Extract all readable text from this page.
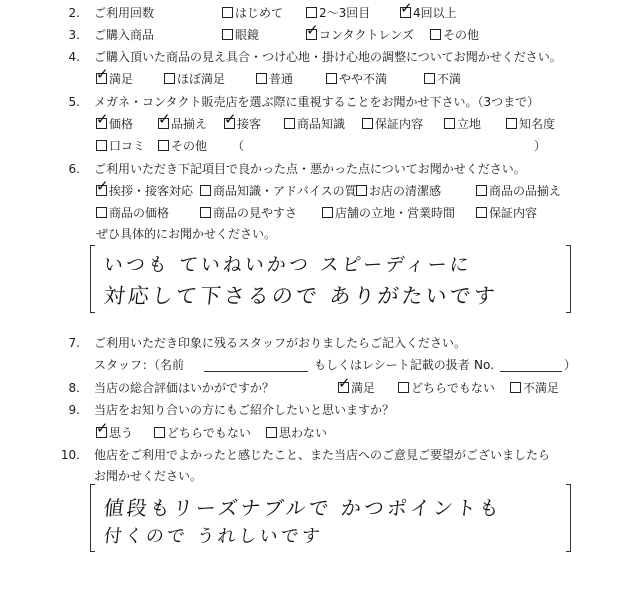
2. ご利用回数	はじめて	2～3回目 ✓	4回以上
3. ご購入商品	眼鏡 ✓	コンタクトレンズ	その他
4. ご購入頂いた商品の見え具合・つけ心地・掛け心地の調整についてお聞かせください。
✓満足	ほぼ満足	普通	やや不満	不満
5. メガネ・コンタクト販売店を選ぶ際に重視することをお聞かせ下さい。（3つまで）
✓価格 ✓	品揃え ✓	接客	商品知識	保証内容	立地	知名度
口コミ	その他 （	）
6. ご利用いただき下記項目で良かった点・悪かった点についてお聞かせください。
✓挨拶・接客対応	商品知識・アドバイスの質	お店の清潔感	商品の品揃え
商品の価格	商品の見やすさ	店舗の立地・営業時間	保証内容
ぜひ具体的にお聞かせください。
いつも ていねいかつ スピーディーに
対応して下さるので ありがたいです
7. ご利用いただき印象に残るスタッフがおりましたらご記入ください。
スタッフ：（名前	もしくはレシート記載の扱者 No.	）
8. 当店の総合評価はいかがですか？ ✓	満足	どちらでもない	不満足
9. 当店をお知り合いの方にもご紹介したいと思いますか？
✓思う	どちらでもない	思わない
10. 他店をご利用でよかったと感じたこと、また当店へのご意見ご要望がございましたら
お聞かせください。
値段もリーズナブルで かつポイントも
付くので うれしいです
